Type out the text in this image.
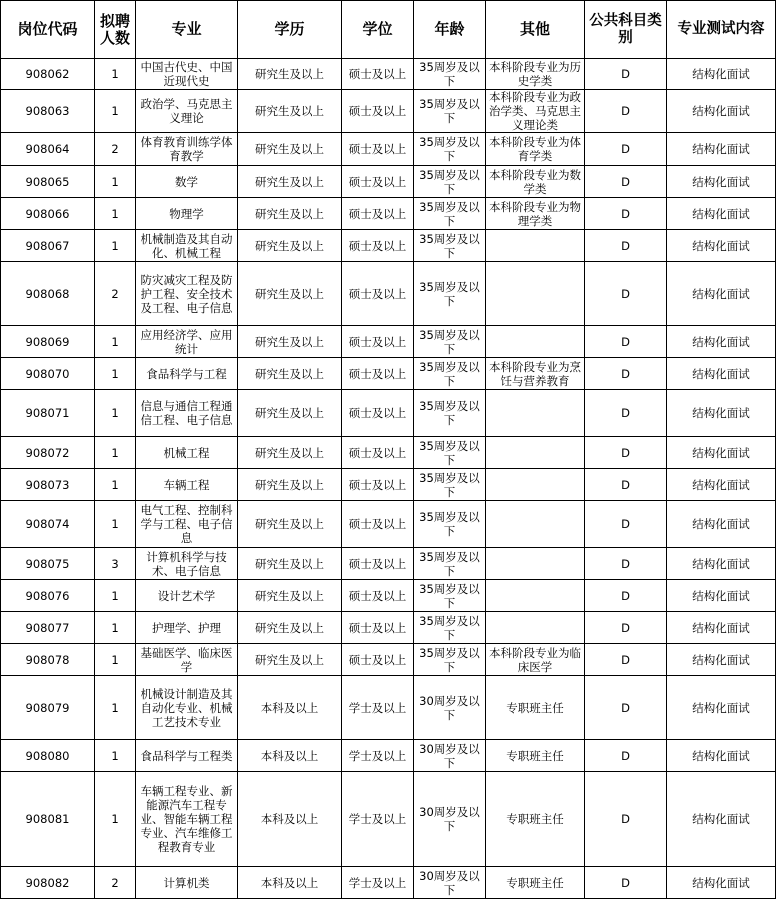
岗位代码	拟聘人数	专业	学历	学位	年龄	其他	公共科目类别	专业测试内容
908062	1	中国古代史、中国近现代史	研究生及以上	硕士及以上	35周岁及以下	本科阶段专业为历史学类	D	结构化面试
908063	1	政治学、马克思主义理论	研究生及以上	硕士及以上	35周岁及以下	本科阶段专业为政治学类、马克思主义理论类	D	结构化面试
908064	2	体育教育训练学体育教学	研究生及以上	硕士及以上	35周岁及以下	本科阶段专业为体育学类	D	结构化面试
908065	1	数学	研究生及以上	硕士及以上	35周岁及以下	本科阶段专业为数学类	D	结构化面试
908066	1	物理学	研究生及以上	硕士及以上	35周岁及以下	本科阶段专业为物理学类	D	结构化面试
908067	1	机械制造及其自动化、机械工程	研究生及以上	硕士及以上	35周岁及以下		D	结构化面试
908068	2	防灾减灾工程及防护工程、安全技术及工程、电子信息	研究生及以上	硕士及以上	35周岁及以下		D	结构化面试
908069	1	应用经济学、应用统计	研究生及以上	硕士及以上	35周岁及以下		D	结构化面试
908070	1	食品科学与工程	研究生及以上	硕士及以上	35周岁及以下	本科阶段专业为烹饪与营养教育	D	结构化面试
908071	1	信息与通信工程通信工程、电子信息	研究生及以上	硕士及以上	35周岁及以下		D	结构化面试
908072	1	机械工程	研究生及以上	硕士及以上	35周岁及以下		D	结构化面试
908073	1	车辆工程	研究生及以上	硕士及以上	35周岁及以下		D	结构化面试
908074	1	电气工程、控制科学与工程、电子信息	研究生及以上	硕士及以上	35周岁及以下		D	结构化面试
908075	3	计算机科学与技术、电子信息	研究生及以上	硕士及以上	35周岁及以下		D	结构化面试
908076	1	设计艺术学	研究生及以上	硕士及以上	35周岁及以下		D	结构化面试
908077	1	护理学、护理	研究生及以上	硕士及以上	35周岁及以下		D	结构化面试
908078	1	基础医学、临床医学	研究生及以上	硕士及以上	35周岁及以下	本科阶段专业为临床医学	D	结构化面试
908079	1	机械设计制造及其自动化专业、机械工艺技术专业	本科及以上	学士及以上	30周岁及以下	专职班主任	D	结构化面试
908080	1	食品科学与工程类	本科及以上	学士及以上	30周岁及以下	专职班主任	D	结构化面试
908081	1	车辆工程专业、新能源汽车工程专业、智能车辆工程专业、汽车维修工程教育专业	本科及以上	学士及以上	30周岁及以下	专职班主任	D	结构化面试
908082	2	计算机类	本科及以上	学士及以上	30周岁及以下	专职班主任	D	结构化面试
